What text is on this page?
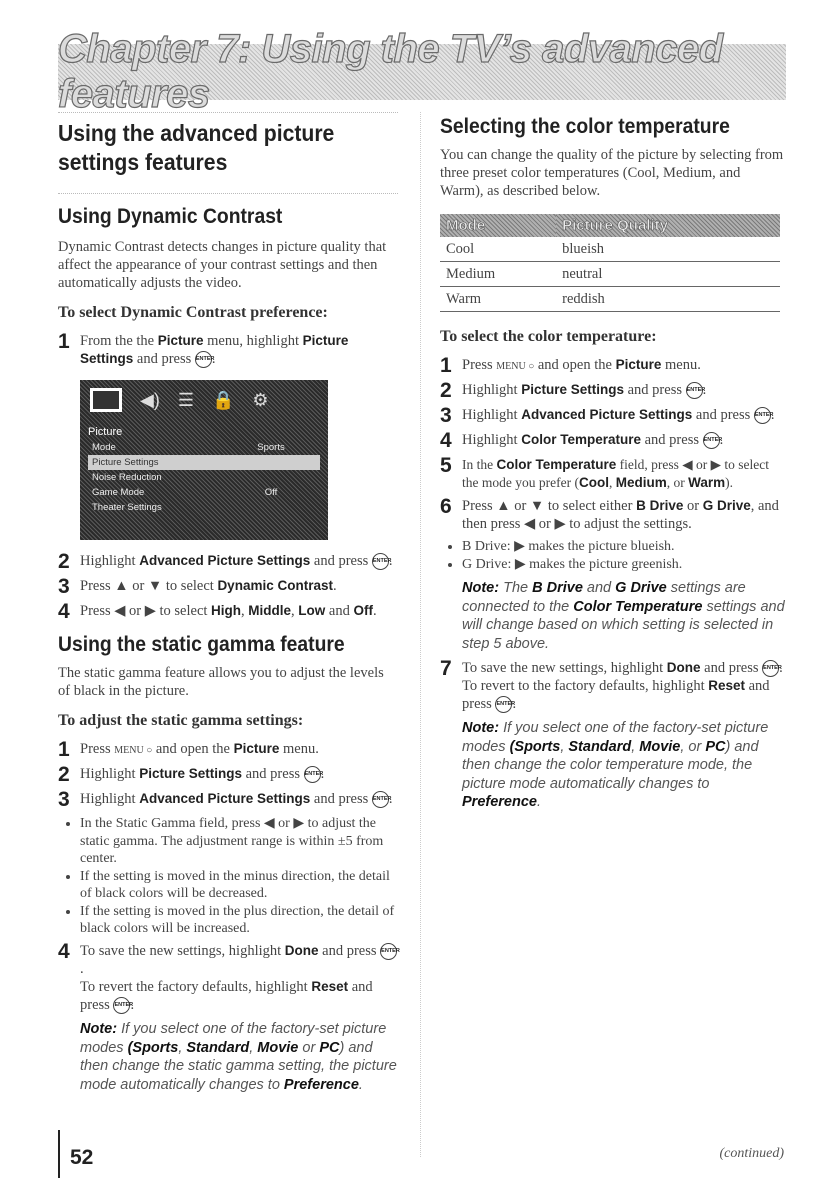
Chapter 7: Using the TV’s advanced features
Using the advanced picture settings features
Using Dynamic Contrast

Dynamic Contrast detects changes in picture quality that affect the appearance of your contrast settings and then automatically adjusts the video.

To select Dynamic Contrast preference:
1 From the the Picture menu, highlight Picture Settings and press ENTER.
◀) ☰ 🔒 ⚙
Picture
Mode	Sports
Picture Settings
Noise Reduction
Game Mode	Off
Theater Settings
2 Highlight Advanced Picture Settings and press ENTER.
3 Press ▲ or ▼ to select Dynamic Contrast.
4 Press ◀ or ▶ to select High, Middle, Low and Off.
Using the static gamma feature

The static gamma feature allows you to adjust the levels of black in the picture.

To adjust the static gamma settings:
1 Press MENU ○ and open the Picture menu.
2 Highlight Picture Settings and press ENTER.
3 Highlight Advanced Picture Settings and press ENTER.
• In the Static Gamma field, press ◀ or ▶ to adjust the static gamma. The adjustment range is within ±5 from center.
• If the setting is moved in the minus direction, the detail of black colors will be decreased.
• If the setting is moved in the plus direction, the detail of black colors will be increased.
4 To save the new settings, highlight Done and press ENTER.
To revert the factory defaults, highlight Reset and press ENTER.
Note: If you select one of the factory-set picture modes (Sports, Standard, Movie or PC) and then change the static gamma setting, the picture mode automatically changes to Preference.
Selecting the color temperature

You can change the quality of the picture by selecting from three preset color temperatures (Cool, Medium, and Warm), as described below.

Mode	Picture Quality
Cool	blueish
Medium	neutral
Warm	reddish
To select the color temperature:
1 Press MENU ○ and open the Picture menu.
2 Highlight Picture Settings and press ENTER.
3 Highlight Advanced Picture Settings and press ENTER.
4 Highlight Color Temperature and press ENTER.
5 In the Color Temperature field, press ◀ or ▶ to select the mode you prefer (Cool, Medium, or Warm).
6 Press ▲ or ▼ to select either B Drive or G Drive, and then press ◀ or ▶ to adjust the settings.
• B Drive: ▶ makes the picture blueish.
• G Drive: ▶ makes the picture greenish.
Note: The B Drive and G Drive settings are connected to the Color Temperature settings and will change based on which setting is selected in step 5 above.
7 To save the new settings, highlight Done and press ENTER.
To revert to the factory defaults, highlight Reset and press ENTER.
Note: If you select one of the factory-set picture modes (Sports, Standard, Movie, or PC) and then change the color temperature mode, the picture mode automatically changes to Preference.
(continued)
52
